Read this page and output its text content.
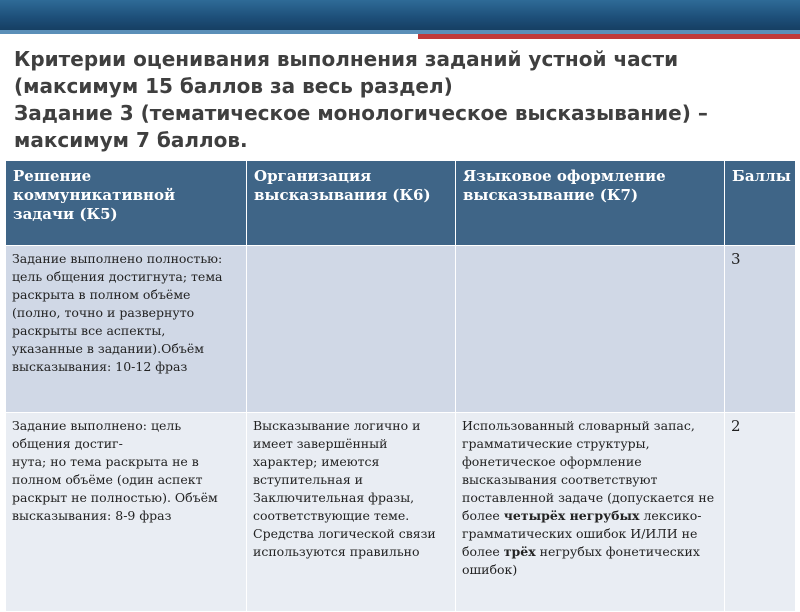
Критерии оценивания выполнения заданий устной части
(максимум 15 баллов за весь раздел)
Задание 3 (тематическое монологическое высказывание) –
максимум 7 баллов.
Решение коммуникативной задачи (К5)	Организация высказывания (К6)	Языковое оформление высказывание (К7)	Баллы
Задание выполнено полностью: цель общения достигнута; тема раскрыта в полном объёме (полно, точно и развернуто раскрыты все аспекты, указанные в задании).Объём высказывания: 10-12 фраз			3
Задание выполнено: цель общения достиг-
нута; но тема раскрыта не в полном объёме (один аспект раскрыт не полностью). Объём высказывания: 8-9 фраз	Высказывание логично и имеет завершённый характер; имеются вступительная и Заключительная фразы, соответствующие теме. Средства логической связи используются правильно	Использованный словарный запас, грамматические структуры, фонетическое оформление высказывания соответствуют поставленной задаче (допускается не более четырёх негрубых лексико-грамматических ошибок И/ИЛИ не более трёх негрубых фонетических ошибок)	2
